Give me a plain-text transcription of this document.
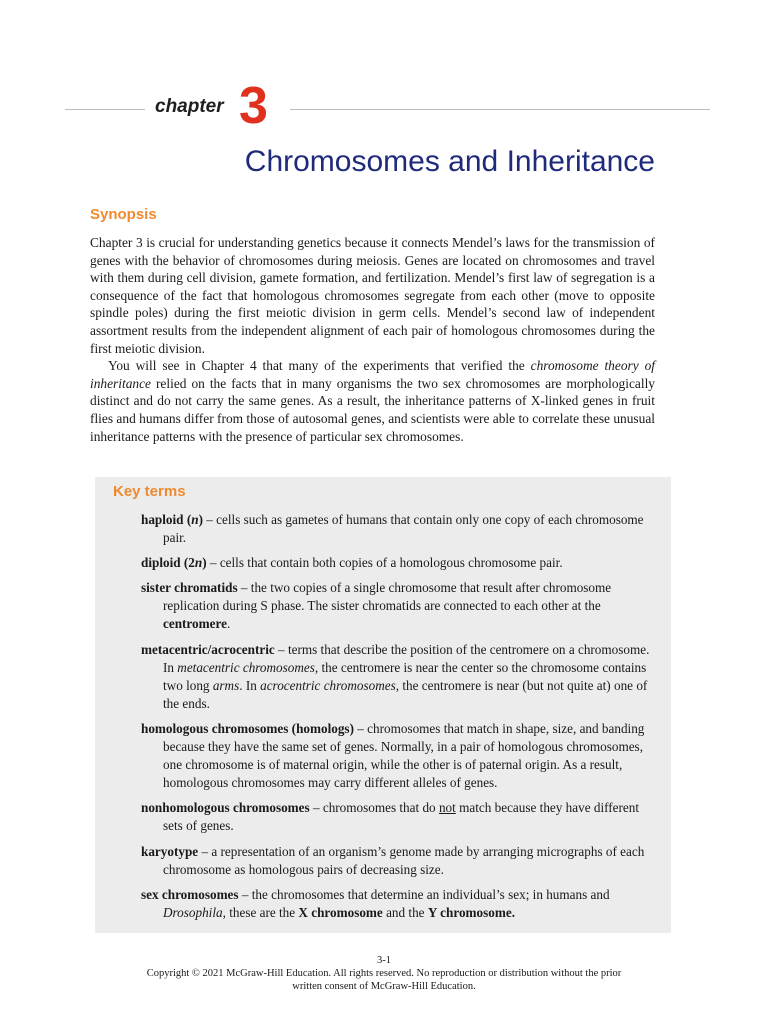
chapter 3
Chromosomes and Inheritance
Synopsis

Chapter 3 is crucial for understanding genetics because it connects Mendel’s laws for the transmission of genes with the behavior of chromosomes during meiosis. Genes are located on chromosomes and travel with them during cell division, gamete formation, and fertilization. Mendel’s first law of segregation is a consequence of the fact that homologous chromosomes segregate from each other (move to opposite spindle poles) during the first meiotic division in germ cells. Mendel’s second law of independent assortment results from the independent alignment of each pair of homologous chromosomes during the first meiotic division.

You will see in Chapter 4 that many of the experiments that verified the chromosome theory of inheritance relied on the facts that in many organisms the two sex chromosomes are morphologically distinct and do not carry the same genes. As a result, the inheritance patterns of X-linked genes in fruit flies and humans differ from those of autosomal genes, and scientists were able to correlate these unusual inheritance patterns with the presence of particular sex chromosomes.

Key terms
haploid (n) – cells such as gametes of humans that contain only one copy of each chromosome pair.
diploid (2n) – cells that contain both copies of a homologous chromosome pair.
sister chromatids – the two copies of a single chromosome that result after chromosome replication during S phase. The sister chromatids are connected to each other at the centromere.
metacentric/acrocentric – terms that describe the position of the centromere on a chromosome. In metacentric chromosomes, the centromere is near the center so the chromosome contains two long arms. In acrocentric chromosomes, the centromere is near (but not quite at) one of the ends.
homologous chromosomes (homologs) – chromosomes that match in shape, size, and banding because they have the same set of genes. Normally, in a pair of homologous chromosomes, one chromosome is of maternal origin, while the other is of paternal origin. As a result, homologous chromosomes may carry different alleles of genes.
nonhomologous chromosomes – chromosomes that do not match because they have different sets of genes.
karyotype – a representation of an organism’s genome made by arranging micrographs of each chromosome as homologous pairs of decreasing size.
sex chromosomes – the chromosomes that determine an individual’s sex; in humans and Drosophila, these are the X chromosome and the Y chromosome.
3-1
Copyright © 2021 McGraw-Hill Education. All rights reserved. No reproduction or distribution without the prior
written consent of McGraw-Hill Education.
